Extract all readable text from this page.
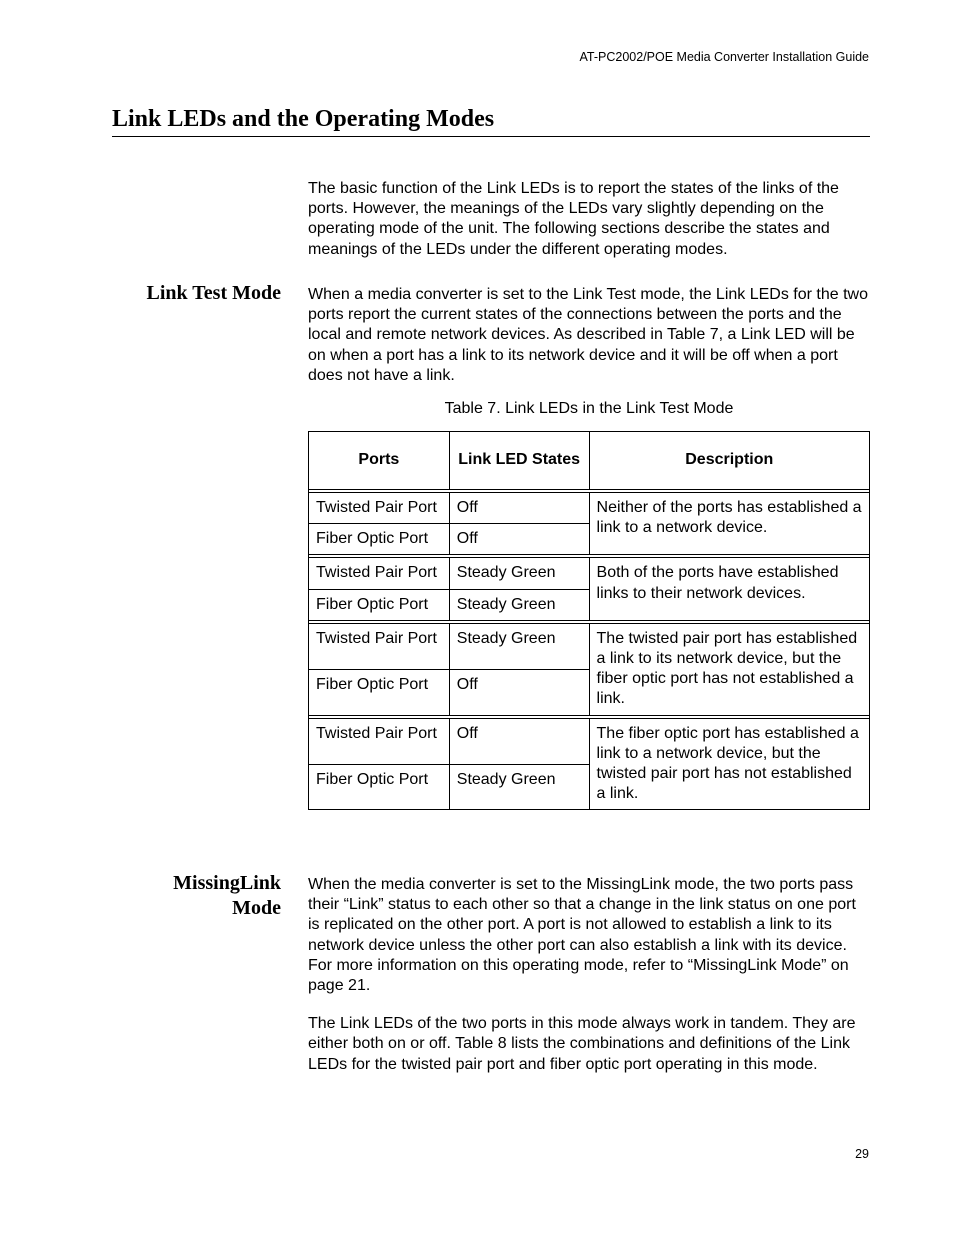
AT-PC2002/POE Media Converter Installation Guide
Link LEDs and the Operating Modes

The basic function of the Link LEDs is to report the states of the links of the ports. However, the meanings of the LEDs vary slightly depending on the operating mode of the unit. The following sections describe the states and meanings of the LEDs under the different operating modes.

Link Test Mode When a media converter is set to the Link Test mode, the Link LEDs for the two ports report the current states of the connections between the ports and the local and remote network devices. As described in Table 7, a Link LED will be on when a port has a link to its network device and it will be off when a port does not have a link.

Table 7. Link LEDs in the Link Test Mode
Ports	Link LED States	Description

Twisted Pair Port	Off	Neither of the ports has established a link to a network device.
Fiber Optic Port	Off	

Twisted Pair Port	Steady Green	Both of the ports have established links to their network devices.
Fiber Optic Port	Steady Green	

Twisted Pair Port	Steady Green	The twisted pair port has established a link to its network device, but the fiber optic port has not established a link.
Fiber Optic Port	Off	

Twisted Pair Port	Off	The fiber optic port has established a link to a network device, but the twisted pair port has not established a link.
Fiber Optic Port	Steady Green	
MissingLink
Mode

When the media converter is set to the MissingLink mode, the two ports pass their “Link” status to each other so that a change in the link status on one port is replicated on the other port. A port is not allowed to establish a link to its network device unless the other port can also establish a link with its device. For more information on this operating mode, refer to “MissingLink Mode” on page 21.

The Link LEDs of the two ports in this mode always work in tandem. They are either both on or off. Table 8 lists the combinations and definitions of the Link LEDs for the twisted pair port and fiber optic port operating in this mode.

29
